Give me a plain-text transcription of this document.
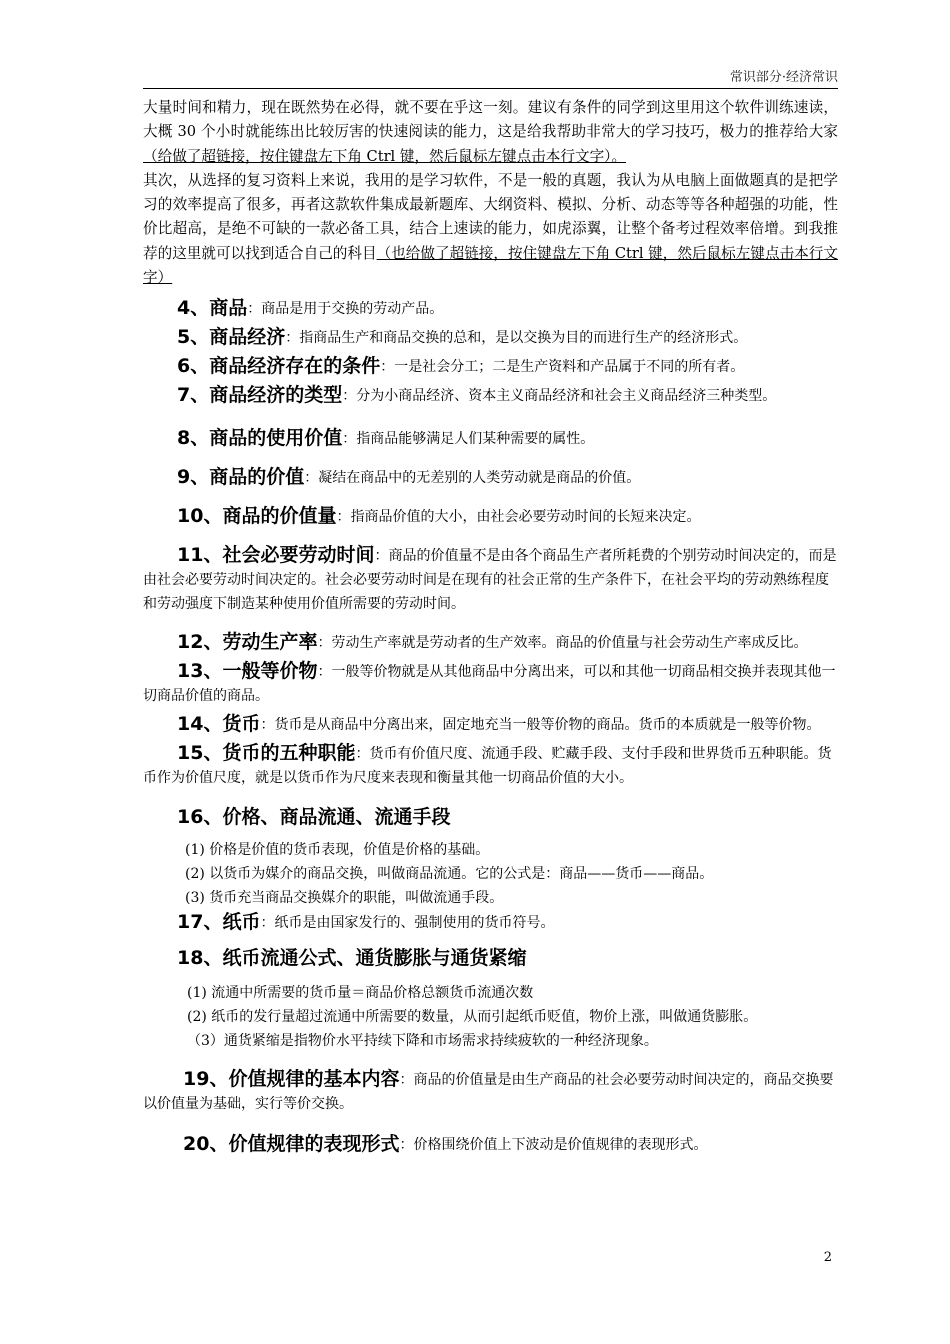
常识部分·经济常识

大量时间和精力，现在既然势在必得，就不要在乎这一刻。建议有条件的同学到这里用这个软件训练速读，大概 30 个小时就能练出比较厉害的快速阅读的能力，这是给我帮助非常大的学习技巧，极力的推荐给大家（给做了超链接，按住键盘左下角 Ctrl 键，然后鼠标左键点击本行文字）。

其次，从选择的复习资料上来说，我用的是学习软件，不是一般的真题，我认为从电脑上面做题真的是把学习的效率提高了很多，再者这款软件集成最新题库、大纲资料、模拟、分析、动态等等各种超强的功能，性价比超高，是绝不可缺的一款必备工具，结合上速读的能力，如虎添翼，让整个备考过程效率倍增。到我推荐的这里就可以找到适合自己的科目（也给做了超链接，按住键盘左下角 Ctrl 键，然后鼠标左键点击本行文字）

4、商品：商品是用于交换的劳动产品。

5、商品经济：指商品生产和商品交换的总和，是以交换为目的而进行生产的经济形式。

6、商品经济存在的条件：一是社会分工；二是生产资料和产品属于不同的所有者。

7、商品经济的类型：分为小商品经济、资本主义商品经济和社会主义商品经济三种类型。

8、商品的使用价值：指商品能够满足人们某种需要的属性。

9、商品的价值：凝结在商品中的无差别的人类劳动就是商品的价值。

10、商品的价值量：指商品价值的大小，由社会必要劳动时间的长短来决定。

11、社会必要劳动时间：商品的价值量不是由各个商品生产者所耗费的个别劳动时间决定的，而是由社会必要劳动时间决定的。社会必要劳动时间是在现有的社会正常的生产条件下，在社会平均的劳动熟练程度和劳动强度下制造某种使用价值所需要的劳动时间。

12、劳动生产率：劳动生产率就是劳动者的生产效率。商品的价值量与社会劳动生产率成反比。

13、一般等价物：一般等价物就是从其他商品中分离出来，可以和其他一切商品相交换并表现其他一切商品价值的商品。

14、货币：货币是从商品中分离出来，固定地充当一般等价物的商品。货币的本质就是一般等价物。

15、货币的五种职能：货币有价值尺度、流通手段、贮藏手段、支付手段和世界货币五种职能。货币作为价值尺度，就是以货币作为尺度来表现和衡量其他一切商品价值的大小。

16、价格、商品流通、流通手段

(1) 价格是价值的货币表现，价值是价格的基础。

(2) 以货币为媒介的商品交换，叫做商品流通。它的公式是：商品——货币——商品。

(3) 货币充当商品交换媒介的职能，叫做流通手段。

17、纸币：纸币是由国家发行的、强制使用的货币符号。

18、纸币流通公式、通货膨胀与通货紧缩

(1) 流通中所需要的货币量＝商品价格总额货币流通次数

(2) 纸币的发行量超过流通中所需要的数量，从而引起纸币贬值，物价上涨，叫做通货膨胀。

（3）通货紧缩是指物价水平持续下降和市场需求持续疲软的一种经济现象。

19、价值规律的基本内容：商品的价值量是由生产商品的社会必要劳动时间决定的，商品交换要以价值量为基础，实行等价交换。

20、价值规律的表现形式：价格围绕价值上下波动是价值规律的表现形式。

2
